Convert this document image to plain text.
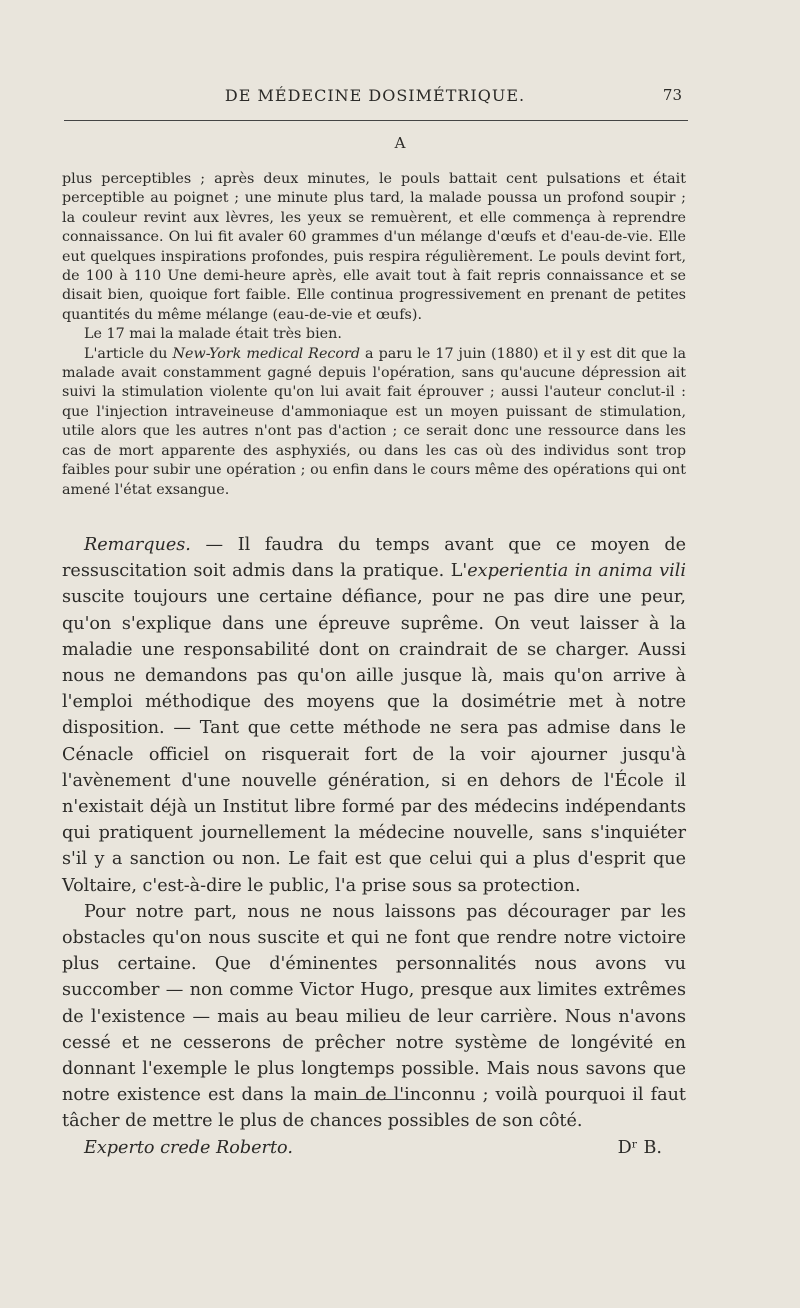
DE MÉDECINE DOSIMÉTRIQUE.	73
A

plus perceptibles ; après deux minutes, le pouls battait cent pulsations et était perceptible au poignet ; une minute plus tard, la malade poussa un profond soupir ; la couleur revint aux lèvres, les yeux se remuèrent, et elle commença à reprendre connaissance. On lui fit avaler 60 grammes d'un mélange d'œufs et d'eau-de-vie. Elle eut quelques inspirations profondes, puis respira régulièrement. Le pouls devint fort, de 100 à 110 Une demi-heure après, elle avait tout à fait repris connaissance et se disait bien, quoique fort faible. Elle continua progressivement en prenant de petites quantités du même mélange (eau-de-vie et œufs).

Le 17 mai la malade était très bien.

L'article du New-York medical Record a paru le 17 juin (1880) et il y est dit que la malade avait constamment gagné depuis l'opération, sans qu'aucune dépression ait suivi la stimulation violente qu'on lui avait fait éprouver ; aussi l'auteur conclut-il : que l'injection intraveineuse d'ammoniaque est un moyen puissant de stimulation, utile alors que les autres n'ont pas d'action ; ce serait donc une ressource dans les cas de mort apparente des asphyxiés, ou dans les cas où des individus sont trop faibles pour subir une opération ; ou enfin dans le cours même des opérations qui ont amené l'état exsangue.

Remarques. — Il faudra du temps avant que ce moyen de ressuscitation soit admis dans la pratique. L'experientia in anima vili suscite toujours une certaine défiance, pour ne pas dire une peur, qu'on s'explique dans une épreuve suprême. On veut laisser à la maladie une responsabilité dont on craindrait de se charger. Aussi nous ne demandons pas qu'on aille jusque là, mais qu'on arrive à l'emploi méthodique des moyens que la dosimétrie met à notre disposition. — Tant que cette méthode ne sera pas admise dans le Cénacle officiel on risquerait fort de la voir ajourner jusqu'à l'avènement d'une nouvelle génération, si en dehors de l'École il n'existait déjà un Institut libre formé par des médecins indépendants qui pratiquent journellement la médecine nouvelle, sans s'inquiéter s'il y a sanction ou non. Le fait est que celui qui a plus d'esprit que Voltaire, c'est-à-dire le public, l'a prise sous sa protection.

Pour notre part, nous ne nous laissons pas décourager par les obstacles qu'on nous suscite et qui ne font que rendre notre victoire plus certaine. Que d'éminentes personnalités nous avons vu succomber — non comme Victor Hugo, presque aux limites extrêmes de l'existence — mais au beau milieu de leur carrière. Nous n'avons cessé et ne cesserons de prêcher notre système de longévité en donnant l'exemple le plus longtemps possible. Mais nous savons que notre existence est dans la main de l'inconnu ; voilà pourquoi il faut tâcher de mettre le plus de chances possibles de son côté.

Experto crede Roberto.	Dʳ B.
